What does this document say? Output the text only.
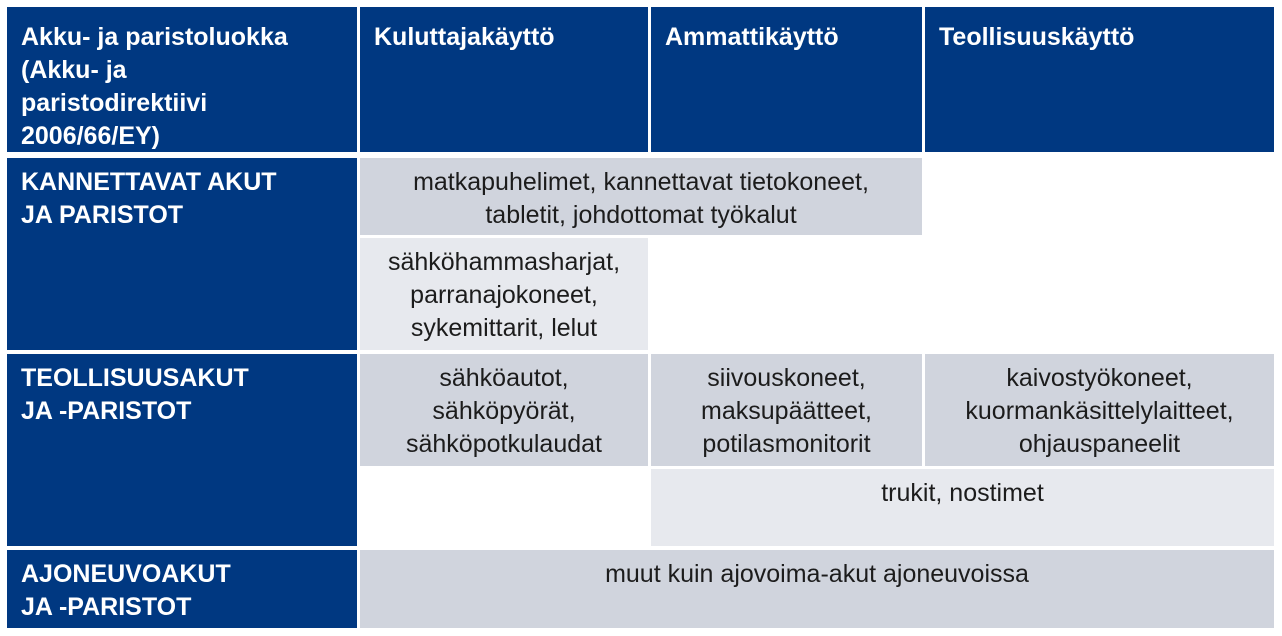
Akku- ja paristoluokka
(Akku- ja
paristodirektiivi
2006/66/EY)
Kuluttajakäyttö	Ammattikäyttö	Teollisuuskäyttö
KANNETTAVAT AKUT
JA PARISTOT
matkapuhelimet, kannettavat tietokoneet,
tabletit, johdottomat työkalut
sähköhammasharjat,
parranajokoneet,
sykemittarit, lelut
TEOLLISUUSAKUT
JA -PARISTOT
sähköautot,
sähköpyörät,
sähköpotkulaudat
siivouskoneet,
maksupäätteet,
potilasmonitorit
kaivostyökoneet,
kuormankäsittelylaitteet,
ohjauspaneelit
trukit, nostimet
AJONEUVOAKUT
JA -PARISTOT
muut kuin ajovoima-akut ajoneuvoissa
